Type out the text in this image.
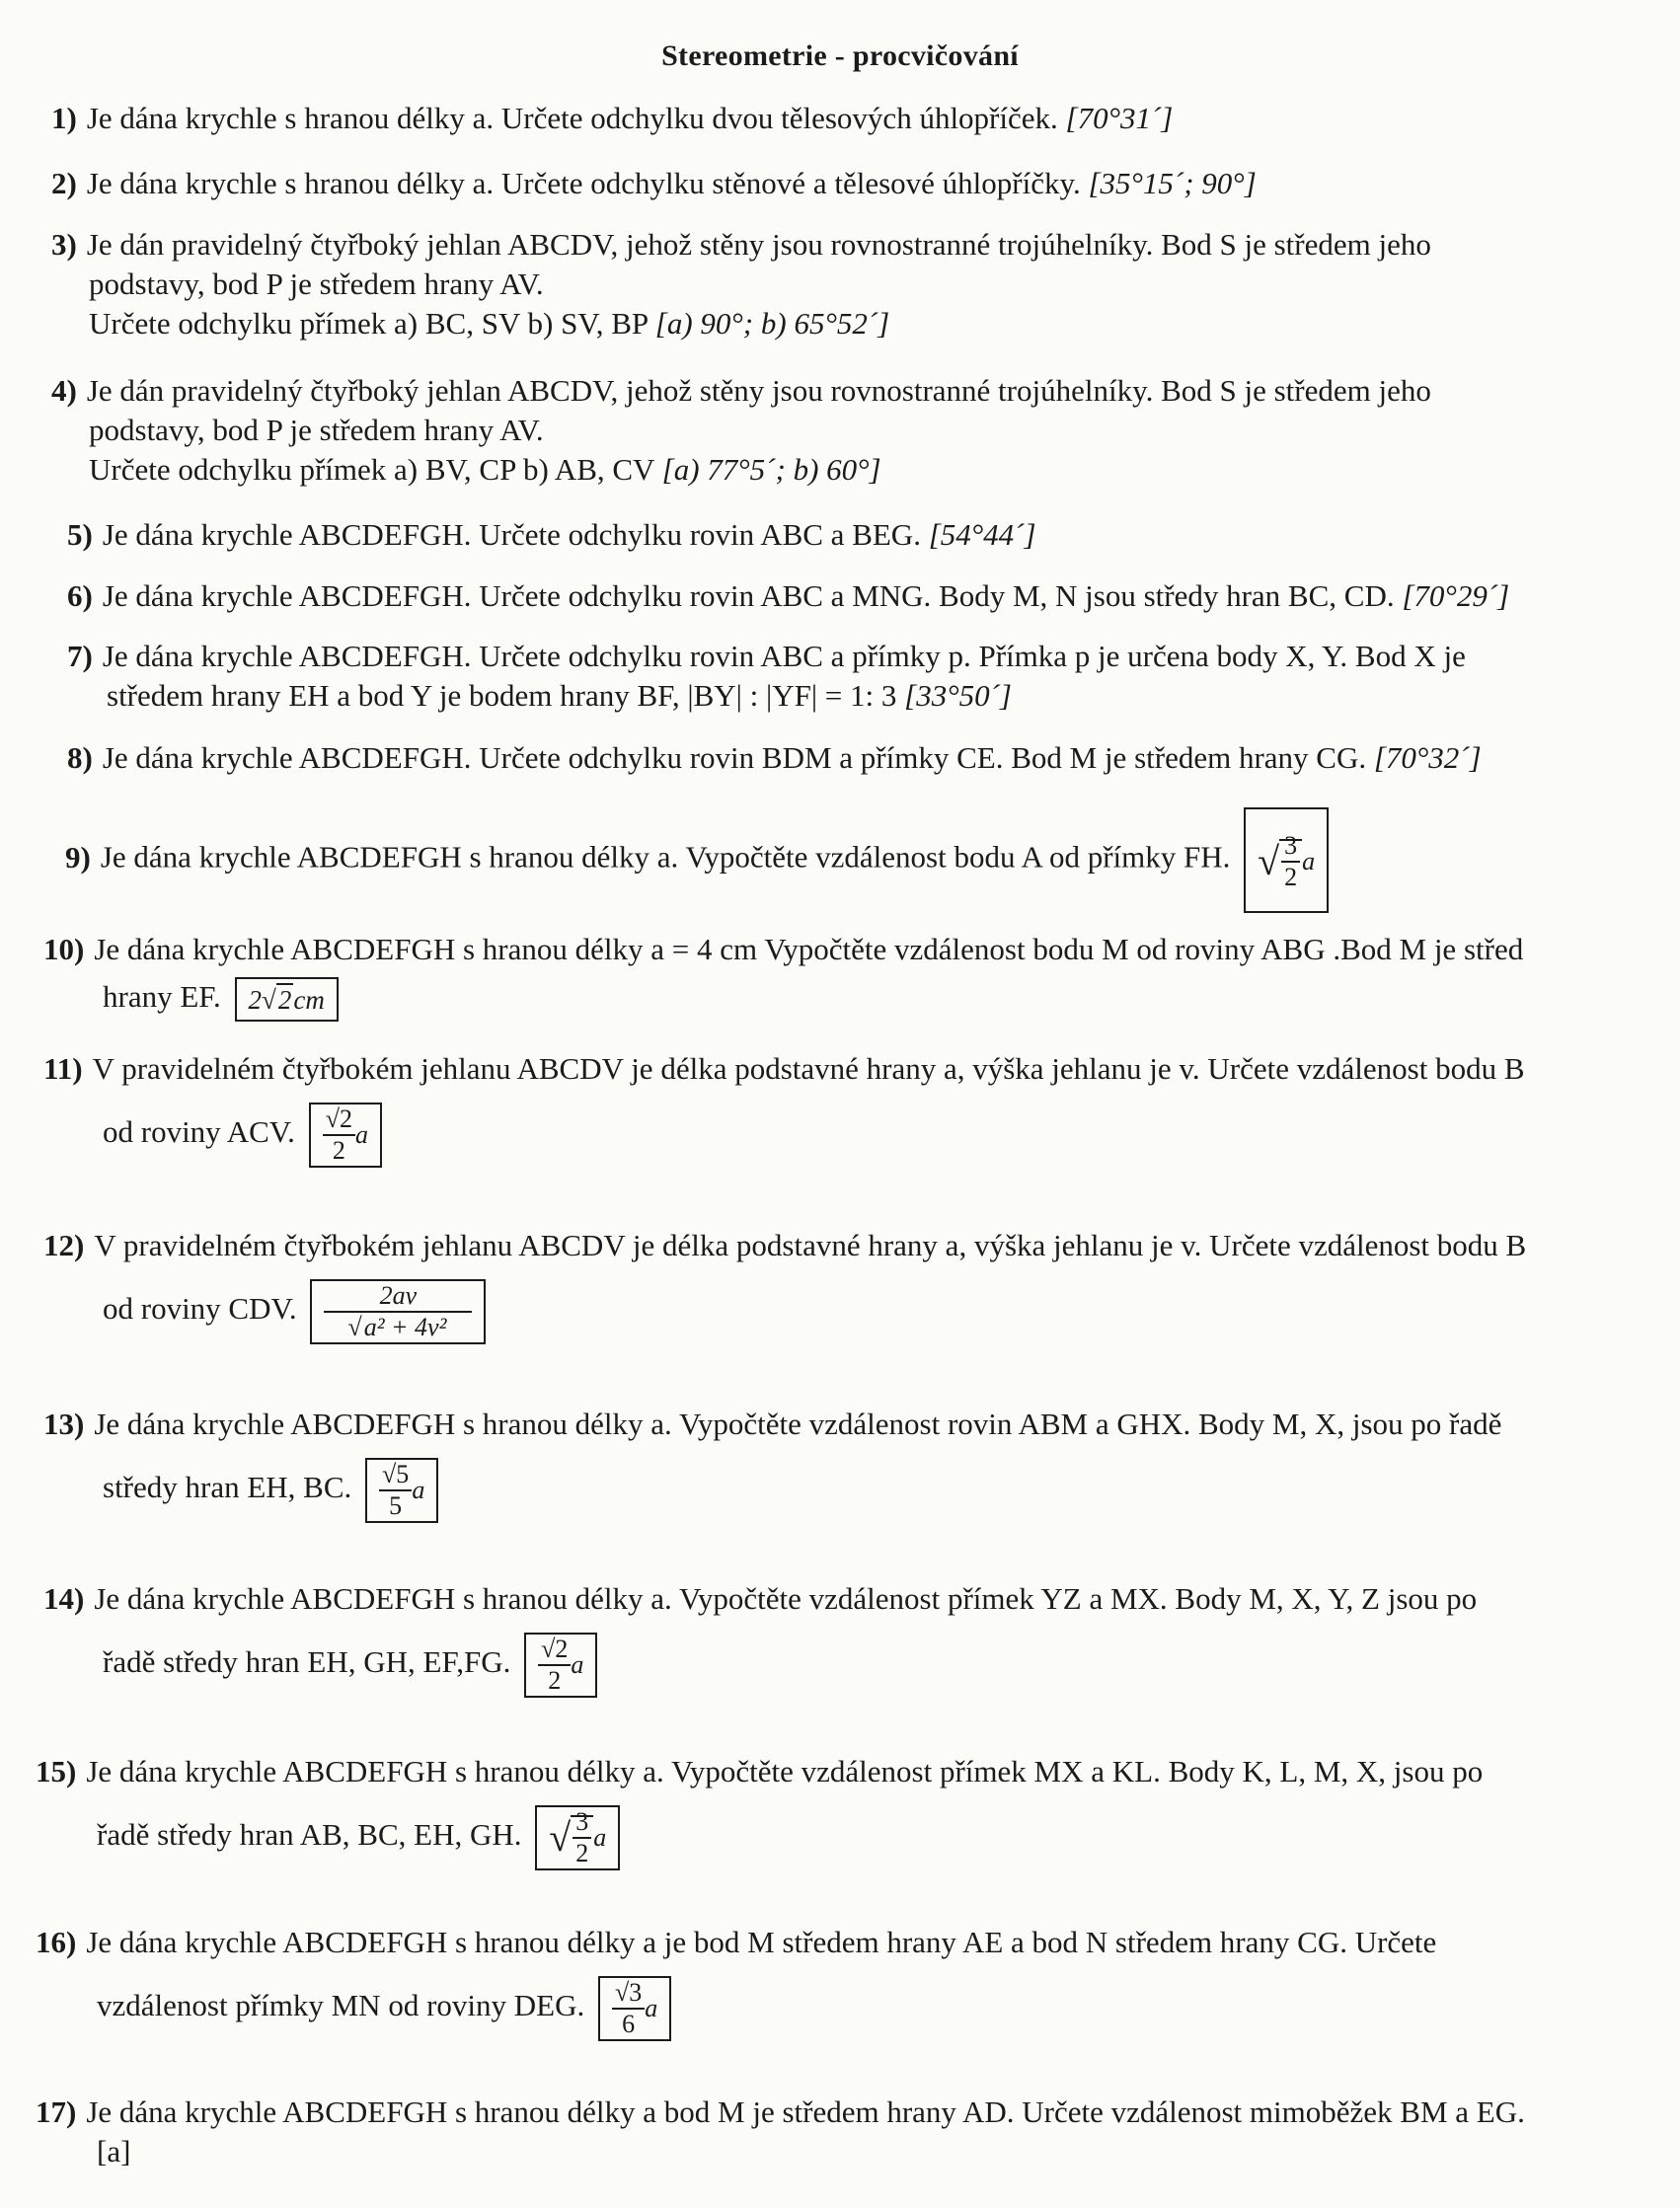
Stereometrie - procvičování
1) Je dána krychle s hranou délky a. Určete odchylku dvou tělesových úhlopříček. [70°31´]
2) Je dána krychle s hranou délky a. Určete odchylku stěnové a tělesové úhlopříčky. [35°15´; 90°]
3) Je dán pravidelný čtyřboký jehlan ABCDV, jehož stěny jsou rovnostranné trojúhelníky. Bod S je středem jeho
podstavy, bod P je středem hrany AV.
Určete odchylku přímek a) BC, SV b) SV, BP [a) 90°; b) 65°52´]
4) Je dán pravidelný čtyřboký jehlan ABCDV, jehož stěny jsou rovnostranné trojúhelníky. Bod S je středem jeho
podstavy, bod P je středem hrany AV.
Určete odchylku přímek a) BV, CP b) AB, CV [a) 77°5´; b) 60°]
5) Je dána krychle ABCDEFGH. Určete odchylku rovin ABC a BEG. [54°44´]
6) Je dána krychle ABCDEFGH. Určete odchylku rovin ABC a MNG. Body M, N jsou středy hran BC, CD. [70°29´]
7) Je dána krychle ABCDEFGH. Určete odchylku rovin ABC a přímky p. Přímka p je určena body X, Y. Bod X je
středem hrany EH a bod Y je bodem hrany BF, |BY| : |YF| = 1: 3 [33°50´]
8) Je dána krychle ABCDEFGH. Určete odchylku rovin BDM a přímky CE. Bod M je středem hrany CG. [70°32´]
9) Je dána krychle ABCDEFGH s hranou délky a. Vypočtěte vzdálenost bodu A od přímky FH. √ $\frac{3}{2}$ a
10) Je dána krychle ABCDEFGH s hranou délky a = 4 cm Vypočtěte vzdálenost bodu M od roviny ABG .Bod M je střed
hrany EF. 2√2cm
11) V pravidelném čtyřbokém jehlanu ABCDV je délka podstavné hrany a, výška jehlanu je v. Určete vzdálenost bodu B
od roviny ACV. $\frac{√2}{2}$ a
12) V pravidelném čtyřbokém jehlanu ABCDV je délka podstavné hrany a, výška jehlanu je v. Určete vzdálenost bodu B
od roviny CDV. $\frac{2av}{\text{√a² + 4v²}}$
13) Je dána krychle ABCDEFGH s hranou délky a. Vypočtěte vzdálenost rovin ABM a GHX. Body M, X, jsou po řadě
středy hran EH, BC. $\frac{√5}{5}$ a
14) Je dána krychle ABCDEFGH s hranou délky a. Vypočtěte vzdálenost přímek YZ a MX. Body M, X, Y, Z jsou po
řadě středy hran EH, GH, EF,FG. $\frac{√2}{2}$ a
15) Je dána krychle ABCDEFGH s hranou délky a. Vypočtěte vzdálenost přímek MX a KL. Body K, L, M, X, jsou po
řadě středy hran AB, BC, EH, GH. √ $\frac{3}{2}$ a
16) Je dána krychle ABCDEFGH s hranou délky a je bod M středem hrany AE a bod N středem hrany CG. Určete
vzdálenost přímky MN od roviny DEG. $\frac{√3}{6}$ a
17) Je dána krychle ABCDEFGH s hranou délky a bod M je středem hrany AD. Určete vzdálenost mimoběžek BM a EG.
[a]
